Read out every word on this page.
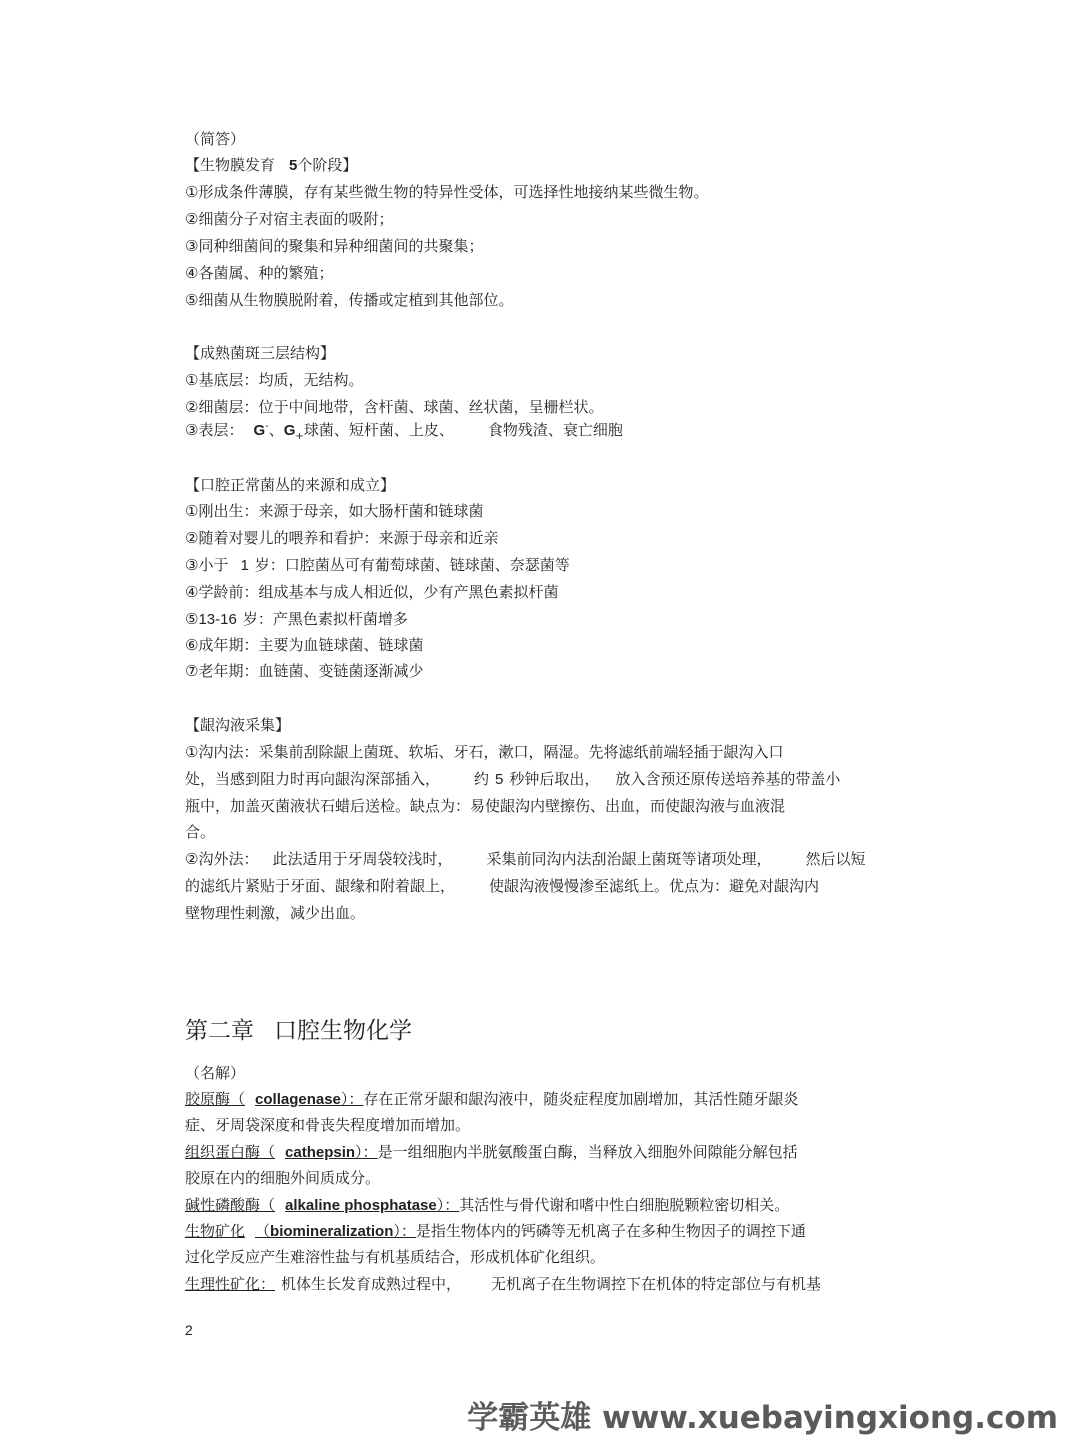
（简答）
【生物膜发育 5个阶段】
①形成条件薄膜，存有某些微生物的特异性受体，可选择性地接纳某些微生物。
②细菌分子对宿主表面的吸附；
③同种细菌间的聚集和异种细菌间的共聚集；
④各菌属、种的繁殖；
⑤细菌从生物膜脱附着，传播或定植到其他部位。
【成熟菌斑三层结构】
①基底层：均质，无结构。
②细菌层：位于中间地带，含杆菌、球菌、丝状菌，呈栅栏状。
③表层： G-、$G_+$球菌、短杆菌、上皮、 食物残渣、衰亡细胞
【口腔正常菌丛的来源和成立】
①刚出生：来源于母亲，如大肠杆菌和链球菌
②随着对婴儿的喂养和看护：来源于母亲和近亲
③小于 1 岁：口腔菌丛可有葡萄球菌、链球菌、奈瑟菌等
④学龄前：组成基本与成人相近似，少有产黑色素拟杆菌
⑤13-16 岁：产黑色素拟杆菌增多
⑥成年期：主要为血链球菌、链球菌
⑦老年期：血链菌、变链菌逐渐减少
【龈沟液采集】
①沟内法：采集前刮除龈上菌斑、软垢、牙石，漱口，隔湿。先将滤纸前端轻插于龈沟入口
处，当感到阻力时再向龈沟深部插入， 约 5 秒钟后取出， 放入含预还原传送培养基的带盖小
瓶中，加盖灭菌液状石蜡后送检。缺点为：易使龈沟内壁擦伤、出血，而使龈沟液与血液混
合。
②沟外法： 此法适用于牙周袋较浅时， 采集前同沟内法刮治龈上菌斑等诸项处理， 然后以短
的滤纸片紧贴于牙面、龈缘和附着龈上， 使龈沟液慢慢渗至滤纸上。优点为：避免对龈沟内
壁物理性刺激，减少出血。
第二章 口腔生物化学
（名解）
胶原酶（ collagenase）：存在正常牙龈和龈沟液中，随炎症程度加剧增加，其活性随牙龈炎
症、牙周袋深度和骨丧失程度增加而增加。
组织蛋白酶（ cathepsin）：是一组细胞内半胱氨酸蛋白酶，当释放入细胞外间隙能分解包括
胶原在内的细胞外间质成分。
碱性磷酸酶（ alkaline phosphatase）：其活性与骨代谢和嗜中性白细胞脱颗粒密切相关。
生物矿化 （biomineralization）：是指生物体内的钙磷等无机离子在多种生物因子的调控下通
过化学反应产生难溶性盐与有机基质结合，形成机体矿化组织。
生理性矿化： 机体生长发育成熟过程中， 无机离子在生物调控下在机体的特定部位与有机基
2
学霸英雄 www.xuebayingxiong.com
